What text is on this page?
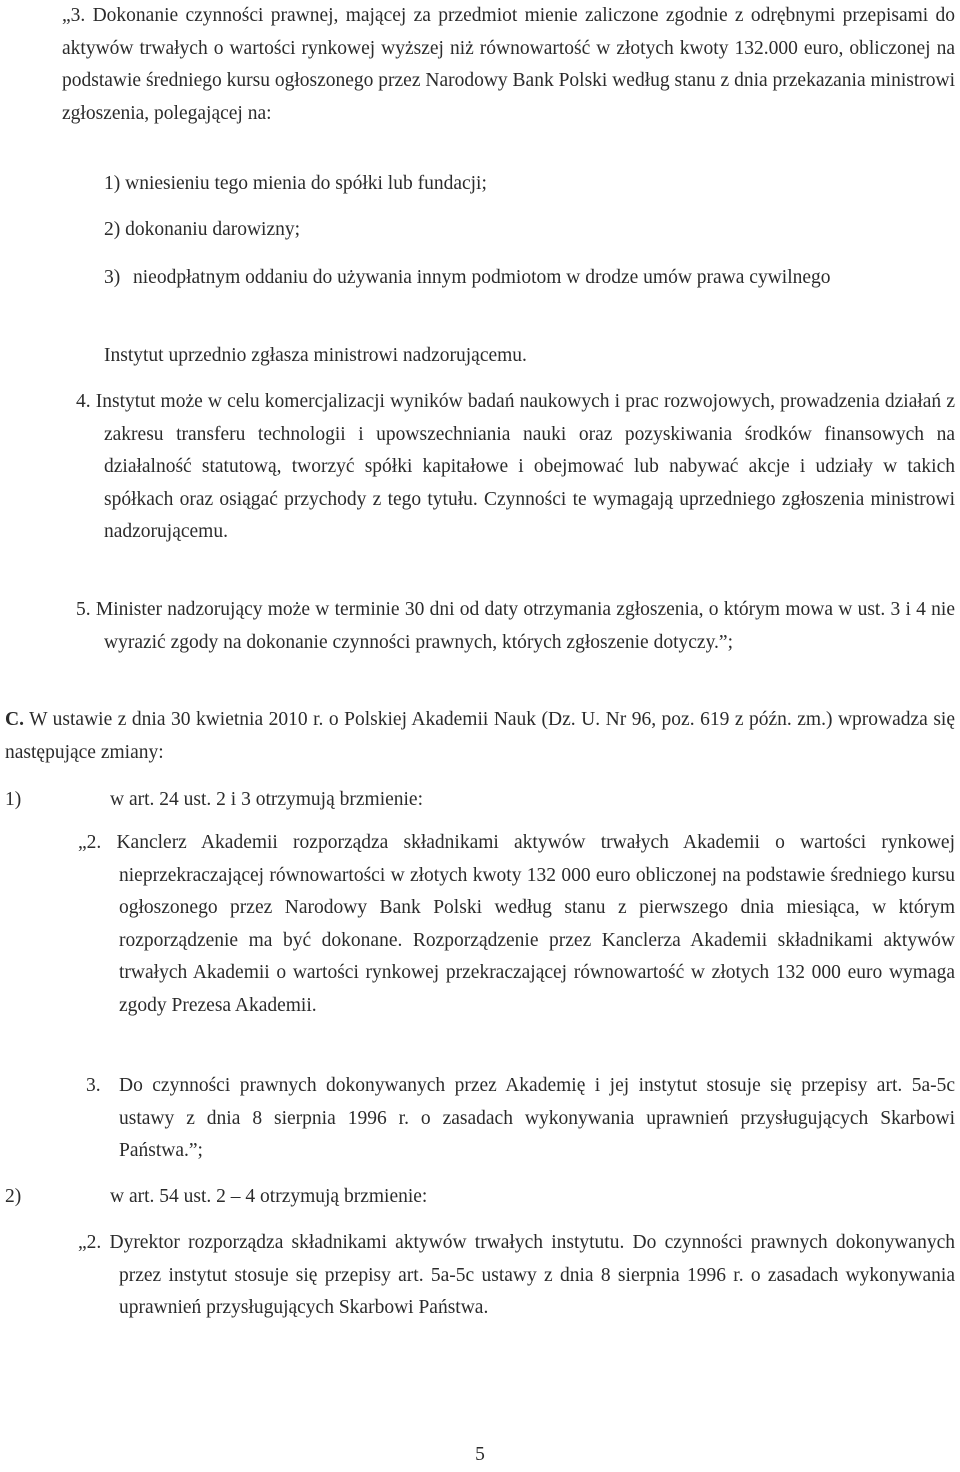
„3. Dokonanie czynności prawnej, mającej za przedmiot mienie zaliczone zgodnie z odrębnymi przepisami do aktywów trwałych o wartości rynkowej wyższej niż równowartość w złotych kwoty 132.000 euro, obliczonej na podstawie średniego kursu ogłoszonego przez Narodowy Bank Polski według stanu z dnia przekazania ministrowi zgłoszenia, polegającej na:
1) wniesieniu tego mienia do spółki lub fundacji;
2) dokonaniu darowizny;
3) nieodpłatnym oddaniu do używania innym podmiotom w drodze umów prawa cywilnego
Instytut uprzednio zgłasza ministrowi nadzorującemu.
4. Instytut może w celu komercjalizacji wyników badań naukowych i prac rozwojowych, prowadzenia działań z zakresu transferu technologii i upowszechniania nauki oraz pozyskiwania środków finansowych na działalność statutową, tworzyć spółki kapitałowe i obejmować lub nabywać akcje i udziały w takich spółkach oraz osiągać przychody z tego tytułu. Czynności te wymagają uprzedniego zgłoszenia ministrowi nadzorującemu.
5. Minister nadzorujący może w terminie 30 dni od daty otrzymania zgłoszenia, o którym mowa w ust. 3 i 4 nie wyrazić zgody na dokonanie czynności prawnych, których zgłoszenie dotyczy.”;
C. W ustawie z dnia 30 kwietnia 2010 r. o Polskiej Akademii Nauk (Dz. U. Nr 96, poz. 619 z późn. zm.) wprowadza się następujące zmiany:
1)	w art. 24 ust. 2 i 3 otrzymują brzmienie:
„2. Kanclerz Akademii rozporządza składnikami aktywów trwałych Akademii o wartości rynkowej nieprzekraczającej równowartości w złotych kwoty 132 000 euro obliczonej na podstawie średniego kursu ogłoszonego przez Narodowy Bank Polski według stanu z pierwszego dnia miesiąca, w którym rozporządzenie ma być dokonane. Rozporządzenie przez Kanclerza Akademii składnikami aktywów trwałych Akademii o wartości rynkowej przekraczającej równowartość w złotych 132 000 euro wymaga zgody Prezesa Akademii.
3. Do czynności prawnych dokonywanych przez Akademię i jej instytut stosuje się przepisy art. 5a-5c ustawy z dnia 8 sierpnia 1996 r. o zasadach wykonywania uprawnień przysługujących Skarbowi Państwa.”;
2)	w art. 54 ust. 2 – 4 otrzymują brzmienie:
„2. Dyrektor rozporządza składnikami aktywów trwałych instytutu. Do czynności prawnych dokonywanych przez instytut stosuje się przepisy art. 5a-5c ustawy z dnia 8 sierpnia 1996 r. o zasadach wykonywania uprawnień przysługujących Skarbowi Państwa.
5
